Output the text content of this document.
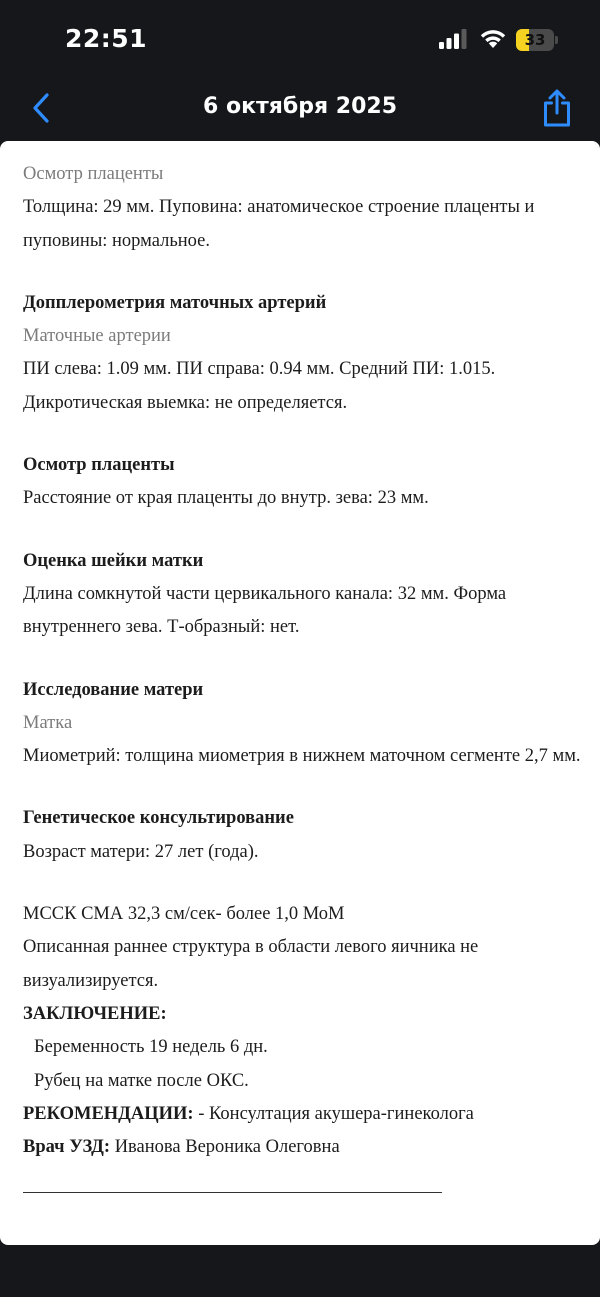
22:51	33
6 октября 2025
Осмотр плаценты
Толщина: 29 мм. Пуповина: анатомическое строение плаценты и пуповины: нормальное.
Допплерометрия маточных артерий
Маточные артерии
ПИ слева: 1.09 мм. ПИ справа: 0.94 мм. Средний ПИ: 1.015.
Дикротическая выемка: не определяется.
Осмотр плаценты
Расстояние от края плаценты до внутр. зева: 23 мм.
Оценка шейки матки
Длина сомкнутой части цервикального канала: 32 мм. Форма внутреннего зева. Т-образный: нет.
Исследование матери
Матка
Миометрий: толщина миометрия в нижнем маточном сегменте 2,7 мм.
Генетическое консультирование
Возраст матери: 27 лет (года).
МССК СМА 32,3 см/сек- более 1,0 МоМ
Описанная раннее структура в области левого яичника не визуализируется.
ЗАКЛЮЧЕНИЕ:
Беременность 19 недель 6 дн.
Рубец на матке после ОКС.
РЕКОМЕНДАЦИИ: - Консултация акушера-гинеколога
Врач УЗД: Иванова Вероника Олеговна
